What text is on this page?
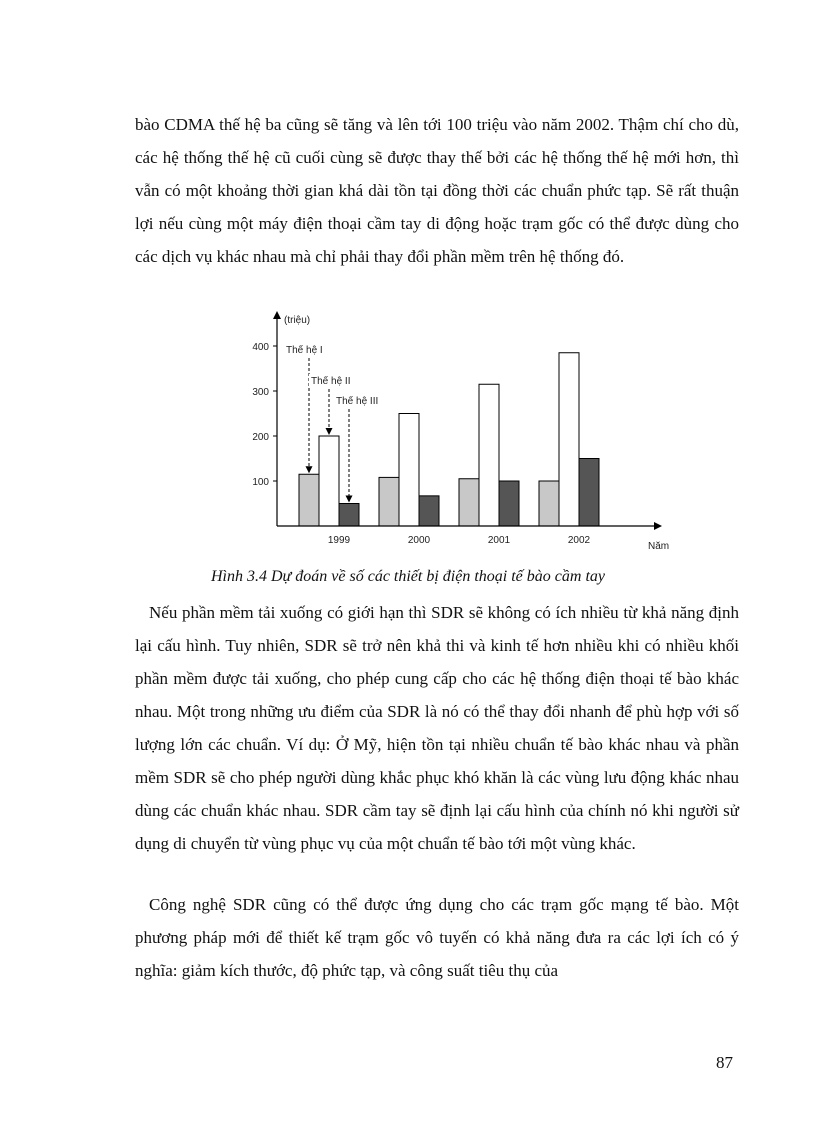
bào CDMA thế hệ ba cũng sẽ tăng và lên tới 100 triệu vào năm 2002. Thậm chí cho dù, các hệ thống thế hệ cũ cuối cùng sẽ được thay thế bởi các hệ thống thế hệ mới hơn, thì vẫn có một khoảng thời gian khá dài tồn tại đồng thời các chuẩn phức tạp. Sẽ rất thuận lợi nếu cùng một máy điện thoại cầm tay di động hoặc trạm gốc có thể được dùng cho các dịch vụ khác nhau mà chỉ phải thay đổi phần mềm trên hệ thống đó.

Thế hệ I
Thế hệ II
Thế hệ III
(triệu)
100
200
300
400
1999	2000	2001	2002
Năm

Hình 3.4 Dự đoán về số các thiết bị điện thoại tế bào cầm tay

Nếu phần mềm tải xuống có giới hạn thì SDR sẽ không có ích nhiều từ khả năng định lại cấu hình. Tuy nhiên, SDR sẽ trở nên khả thi và kinh tế hơn nhiều khi có nhiều khối phần mềm được tải xuống, cho phép cung cấp cho các hệ thống điện thoại tế bào khác nhau. Một trong những ưu điểm của SDR là nó có thể thay đổi nhanh để phù hợp với số lượng lớn các chuẩn. Ví dụ: Ở Mỹ, hiện tồn tại nhiều chuẩn tế bào khác nhau và phần mềm SDR sẽ cho phép người dùng khắc phục khó khăn là các vùng lưu động khác nhau dùng các chuẩn khác nhau. SDR cầm tay sẽ định lại cấu hình của chính nó khi người sử dụng di chuyển từ vùng phục vụ của một chuẩn tế bào tới một vùng khác.

Công nghệ SDR cũng có thể được ứng dụng cho các trạm gốc mạng tế bào. Một phương pháp mới để thiết kế trạm gốc vô tuyến có khả năng đưa ra các lợi ích có ý nghĩa: giảm kích thước, độ phức tạp, và công suất tiêu thụ của

87
